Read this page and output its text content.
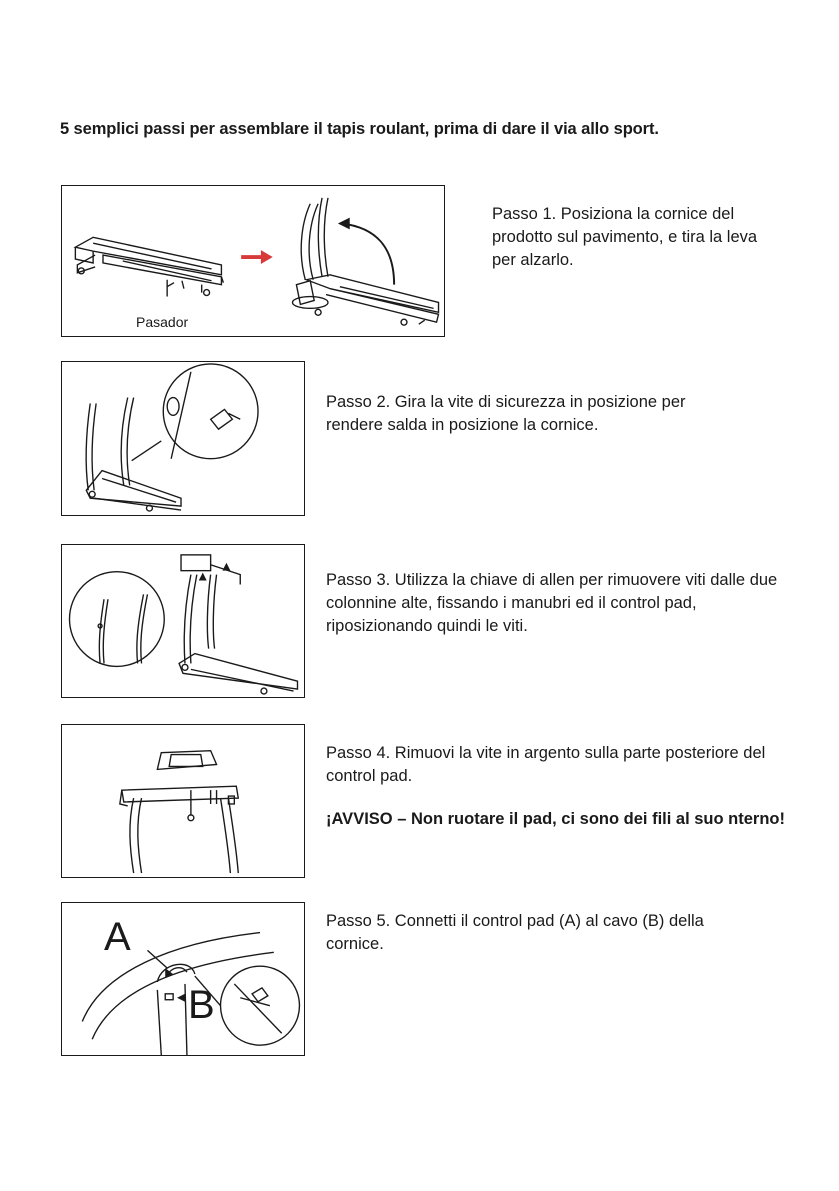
5 semplici passi per assemblare il tapis roulant, prima di dare il via allo sport.
Pasador
Passo 1. Posiziona la cornice del prodotto sul pavimento, e tira la leva per alzarlo.
Passo 2. Gira la vite di sicurezza in posizione per rendere salda in posizione la cornice.
Passo 3. Utilizza la chiave di allen per rimuovere viti dalle due colonnine alte, fissando i manubri ed il control pad, riposizionando quindi le viti.
Passo 4. Rimuovi la vite in argento sulla parte posteriore del control pad.
¡AVVISO – Non ruotare il pad, ci sono dei fili al suo nterno!
A
B
Passo 5. Connetti il control pad (A) al cavo (B) della cornice.
